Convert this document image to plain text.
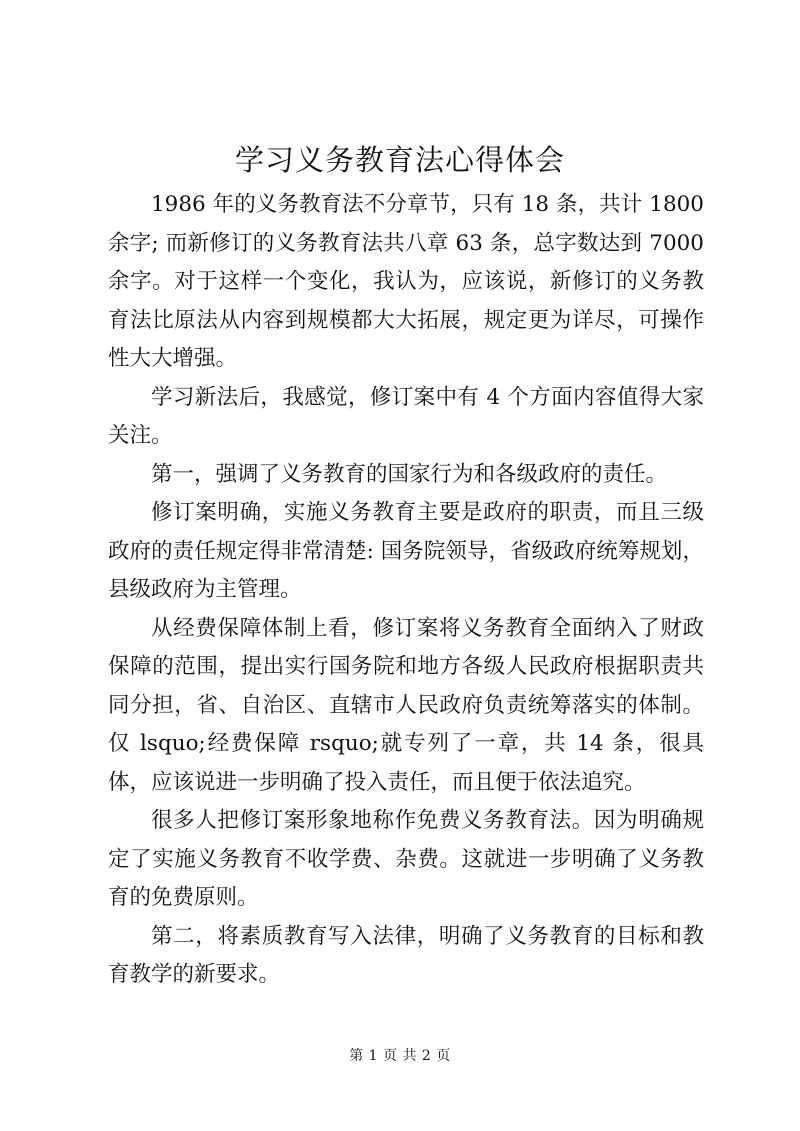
学习义务教育法心得体会

1986 年的义务教育法不分章节，只有 18 条，共计 1800 余字; 而新修订的义务教育法共八章 63 条，总字数达到 7000 余字。对于这样一个变化，我认为，应该说，新修订的义务教育法比原法从内容到规模都大大拓展，规定更为详尽，可操作性大大增强。

学习新法后，我感觉，修订案中有 4 个方面内容值得大家关注。

第一，强调了义务教育的国家行为和各级政府的责任。

修订案明确，实施义务教育主要是政府的职责，而且三级政府的责任规定得非常清楚: 国务院领导，省级政府统筹规划，县级政府为主管理。

从经费保障体制上看，修订案将义务教育全面纳入了财政保障的范围，提出实行国务院和地方各级人民政府根据职责共同分担，省、自治区、直辖市人民政府负责统筹落实的体制。仅 lsquo;经费保障 rsquo;就专列了一章，共 14 条，很具体，应该说进一步明确了投入责任，而且便于依法追究。

很多人把修订案形象地称作免费义务教育法。因为明确规定了实施义务教育不收学费、杂费。这就进一步明确了义务教育的免费原则。

第二，将素质教育写入法律，明确了义务教育的目标和教育教学的新要求。

第 1 页 共 2 页
